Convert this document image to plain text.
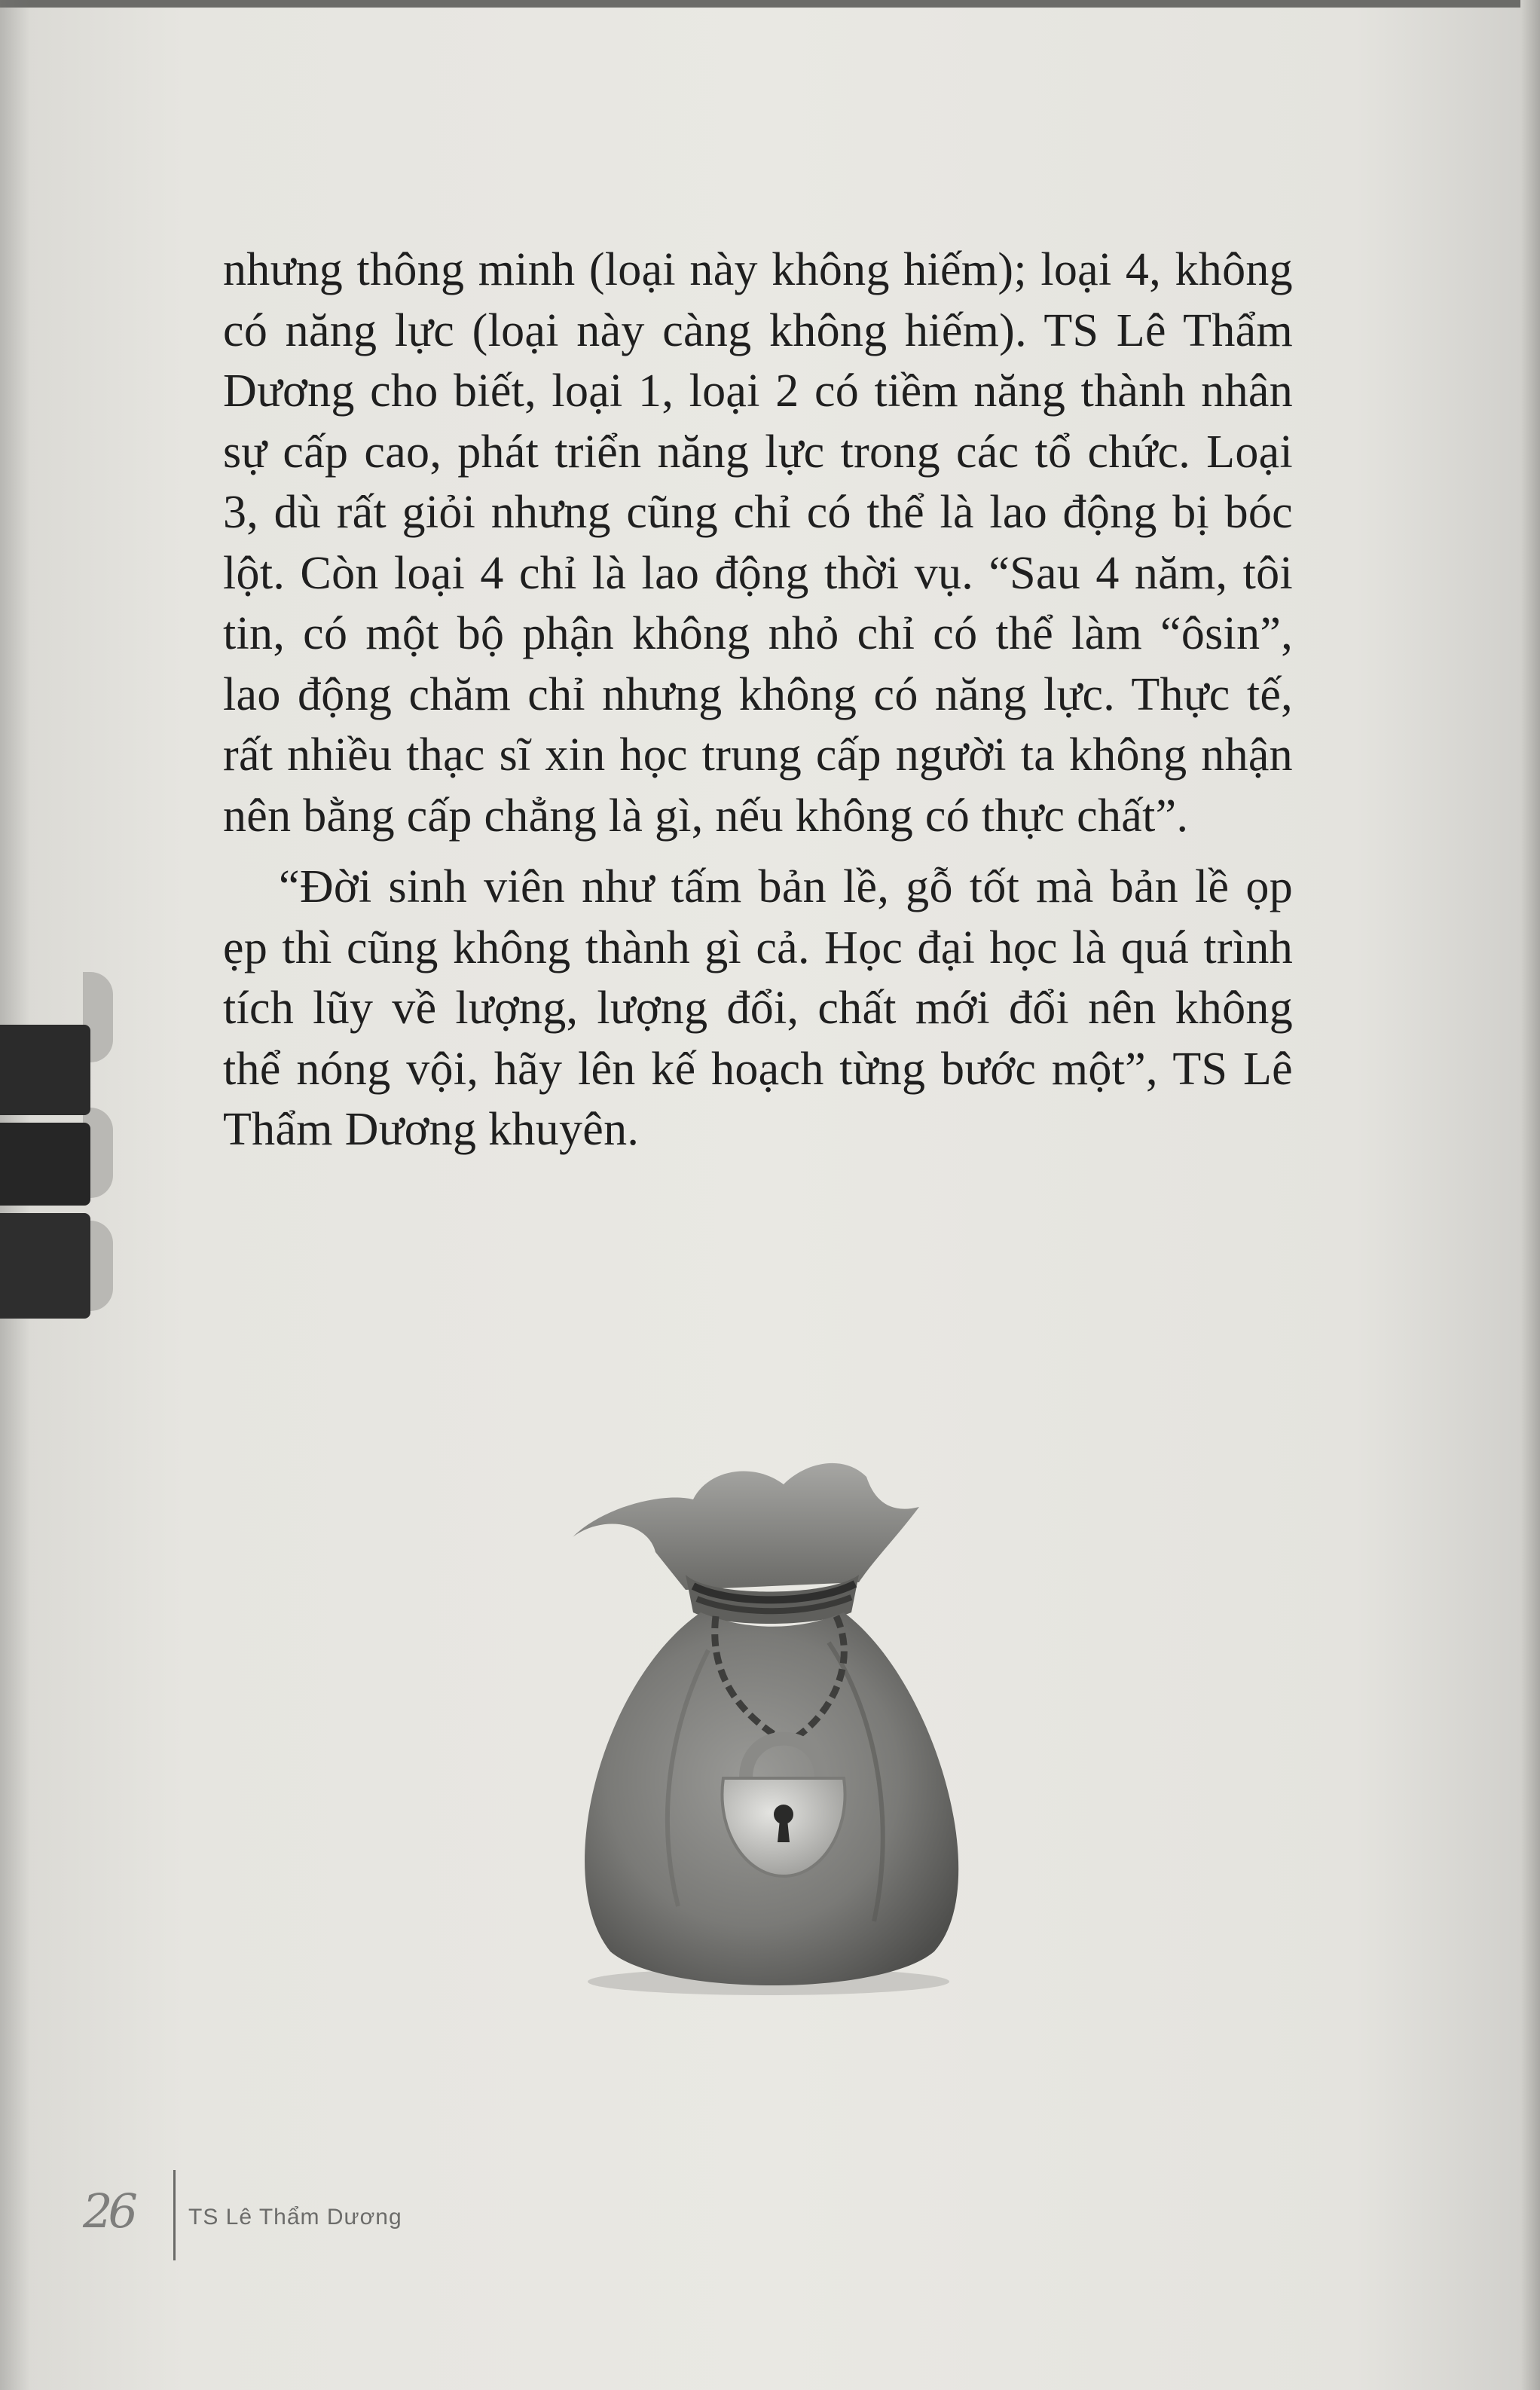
nhưng thông minh (loại này không hiếm); loại 4, không có năng lực (loại này càng không hiếm). TS Lê Thẩm Dương cho biết, loại 1, loại 2 có tiềm năng thành nhân sự cấp cao, phát triển năng lực trong các tổ chức. Loại 3, dù rất giỏi nhưng cũng chỉ có thể là lao động bị bóc lột. Còn loại 4 chỉ là lao động thời vụ. “Sau 4 năm, tôi tin, có một bộ phận không nhỏ chỉ có thể làm “ôsin”, lao động chăm chỉ nhưng không có năng lực. Thực tế, rất nhiều thạc sĩ xin học trung cấp người ta không nhận nên bằng cấp chẳng là gì, nếu không có thực chất”.

“Đời sinh viên như tấm bản lề, gỗ tốt mà bản lề ọp ẹp thì cũng không thành gì cả. Học đại học là quá trình tích lũy về lượng, lượng đổi, chất mới đổi nên không thể nóng vội, hãy lên kế hoạch từng bước một”, TS Lê Thẩm Dương khuyên.

26 TS Lê Thẩm Dương
